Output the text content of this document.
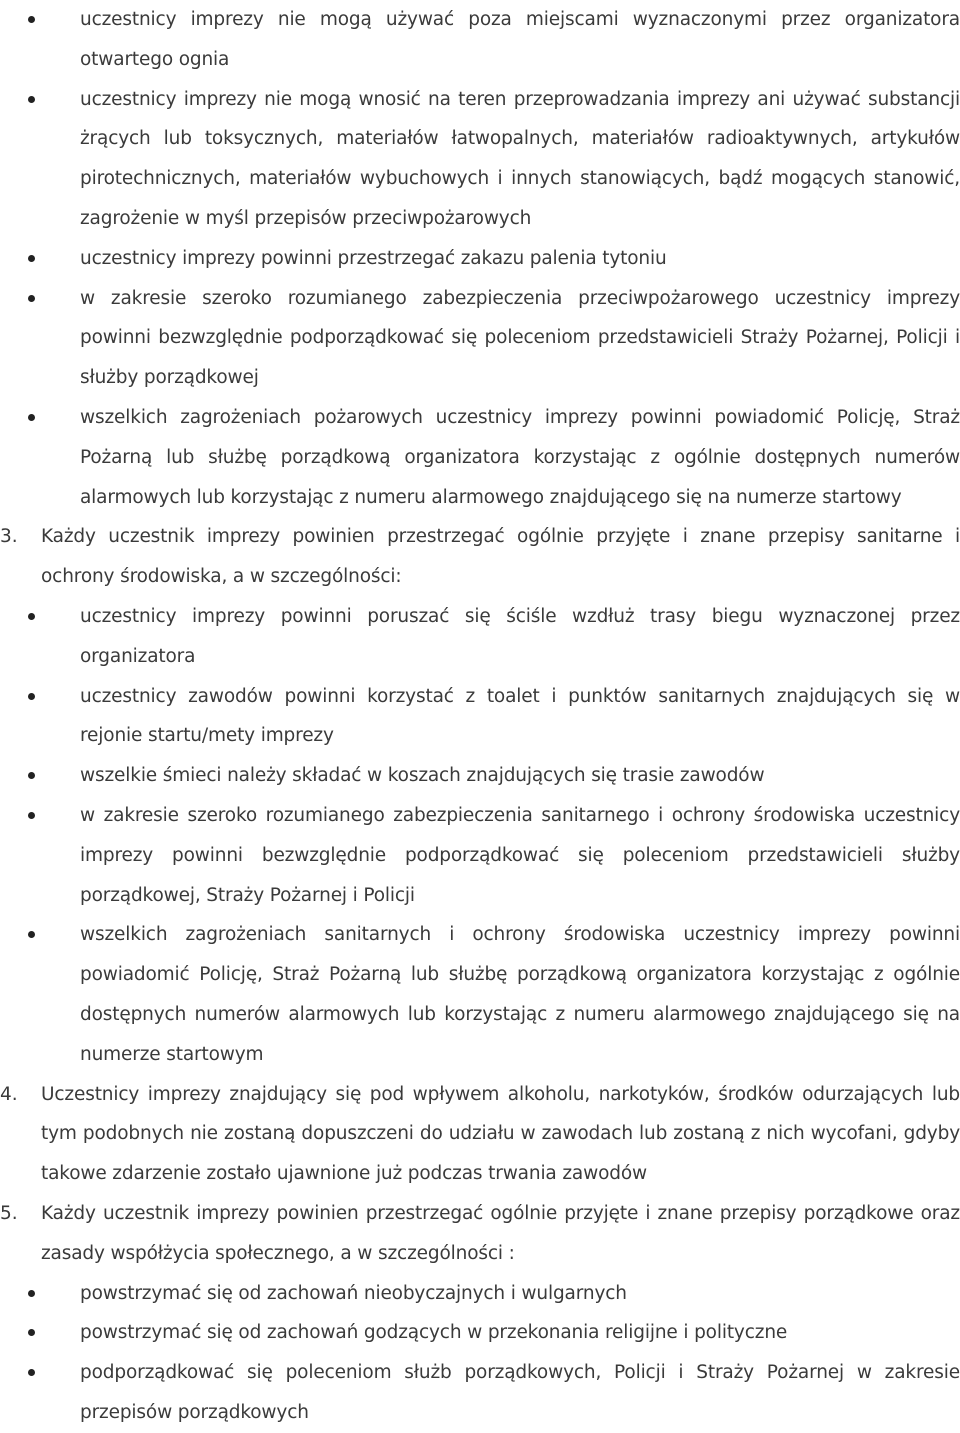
uczestnicy imprezy nie mogą używać poza miejscami wyznaczonymi przez organizatora otwartego ognia
uczestnicy imprezy nie mogą wnosić na teren przeprowadzania imprezy ani używać substancji żrących lub toksycznych, materiałów łatwopalnych, materiałów radioaktywnych, artykułów pirotechnicznych, materiałów wybuchowych i innych stanowiących, bądź mogących stanowić, zagrożenie w myśl przepisów przeciwpożarowych
uczestnicy imprezy powinni przestrzegać zakazu palenia tytoniu
w zakresie szeroko rozumianego zabezpieczenia przeciwpożarowego uczestnicy imprezy powinni bezwzględnie podporządkować się poleceniom przedstawicieli Straży Pożarnej, Policji i służby porządkowej
wszelkich zagrożeniach pożarowych uczestnicy imprezy powinni powiadomić Policję, Straż Pożarną lub służbę porządkową organizatora korzystając z ogólnie dostępnych numerów alarmowych lub korzystając z numeru alarmowego znajdującego się na numerze startowy
3.	Każdy uczestnik imprezy powinien przestrzegać ogólnie przyjęte i znane przepisy sanitarne i ochrony środowiska, a w szczególności:
uczestnicy imprezy powinni poruszać się ściśle wzdłuż trasy biegu wyznaczonej przez organizatora
uczestnicy zawodów powinni korzystać z toalet i punktów sanitarnych znajdujących się w rejonie startu/mety imprezy
wszelkie śmieci należy składać w koszach znajdujących się trasie zawodów
w zakresie szeroko rozumianego zabezpieczenia sanitarnego i ochrony środowiska uczestnicy imprezy powinni bezwzględnie podporządkować się poleceniom przedstawicieli służby porządkowej, Straży Pożarnej i Policji
wszelkich zagrożeniach sanitarnych i ochrony środowiska uczestnicy imprezy powinni powiadomić Policję, Straż Pożarną lub służbę porządkową organizatora korzystając z ogólnie dostępnych numerów alarmowych lub korzystając z numeru alarmowego znajdującego się na numerze startowym
4.	Uczestnicy imprezy znajdujący się pod wpływem alkoholu, narkotyków, środków odurzających lub tym podobnych nie zostaną dopuszczeni do udziału w zawodach lub zostaną z nich wycofani, gdyby takowe zdarzenie zostało ujawnione już podczas trwania zawodów
5.	Każdy uczestnik imprezy powinien przestrzegać ogólnie przyjęte i znane przepisy porządkowe oraz zasady współżycia społecznego, a w szczególności :
powstrzymać się od zachowań nieobyczajnych i wulgarnych
powstrzymać się od zachowań godzących w przekonania religijne i polityczne
podporządkować się poleceniom służb porządkowych, Policji i Straży Pożarnej w zakresie przepisów porządkowych
